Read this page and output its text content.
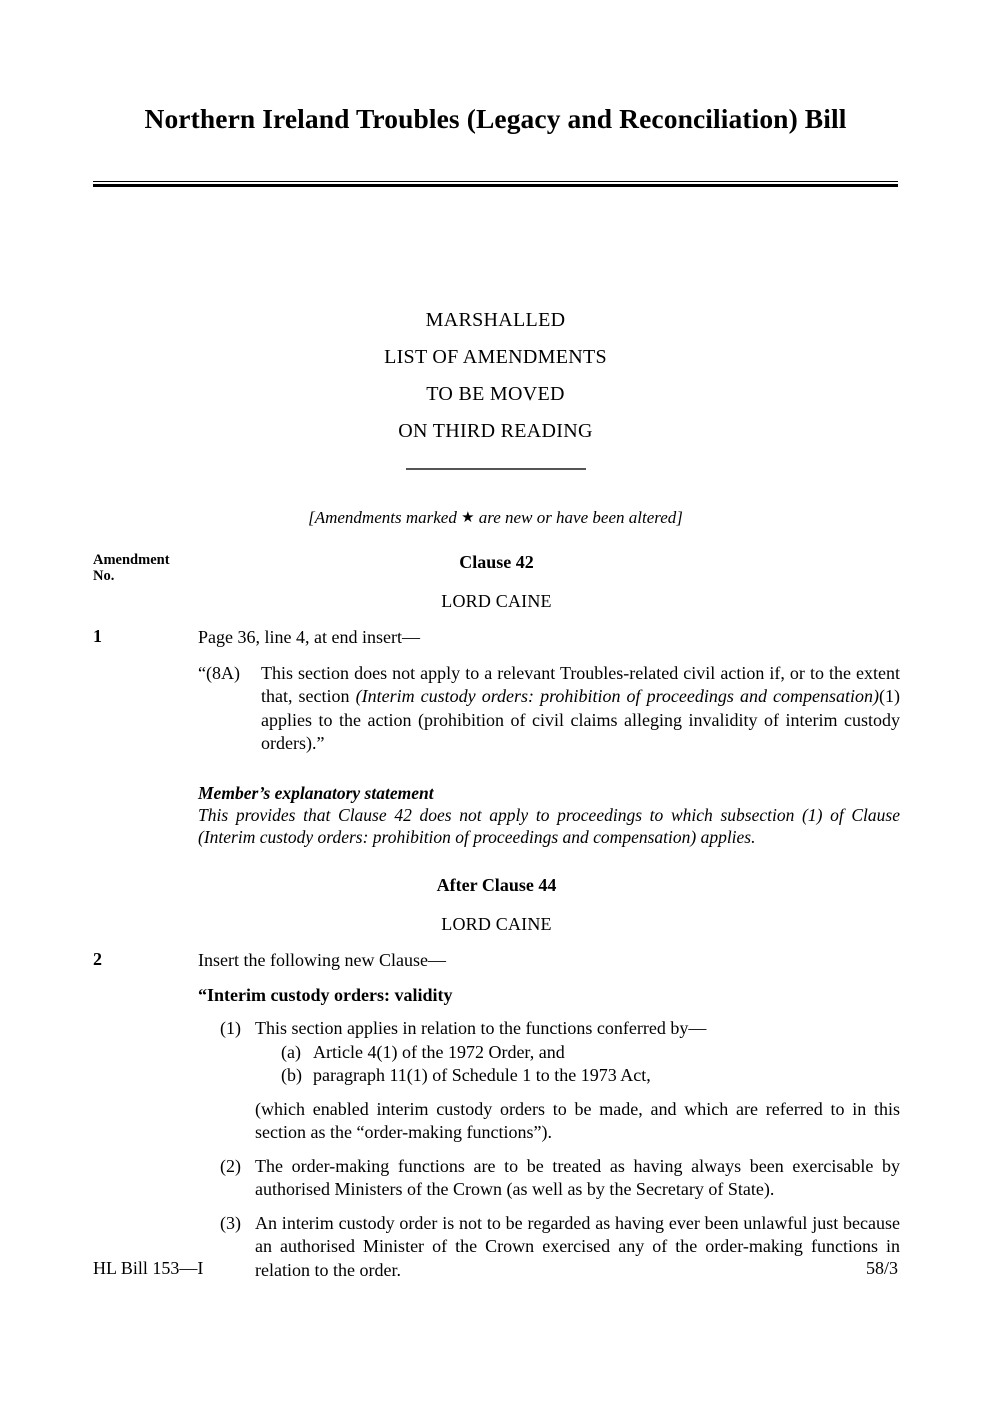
Northern Ireland Troubles (Legacy and Reconciliation) Bill
MARSHALLED
LIST OF AMENDMENTS
TO BE MOVED
ON THIRD READING
[Amendments marked ★ are new or have been altered]
Amendment
No.
Clause 42
LORD CAINE
1	Page 36, line 4, at end insert—

“(8A)	This section does not apply to a relevant Troubles-related civil action if, or to the extent that, section (Interim custody orders: prohibition of proceedings and compensation)(1) applies to the action (prohibition of civil claims alleging invalidity of interim custody orders).”

Member’s explanatory statement

This provides that Clause 42 does not apply to proceedings to which subsection (1) of Clause (Interim custody orders: prohibition of proceedings and compensation) applies.

After Clause 44
LORD CAINE
2	Insert the following new Clause—

“Interim custody orders: validity

(1) This section applies in relation to the functions conferred by—
(a) Article 4(1) of the 1972 Order, and
(b) paragraph 11(1) of Schedule 1 to the 1973 Act,
(which enabled interim custody orders to be made, and which are referred to in this section as the “order-making functions”).
(2) The order-making functions are to be treated as having always been exercisable by authorised Ministers of the Crown (as well as by the Secretary of State).
(3) An interim custody order is not to be regarded as having ever been unlawful just because an authorised Minister of the Crown exercised any of the order-making functions in relation to the order.
HL Bill 153—I	58/3
